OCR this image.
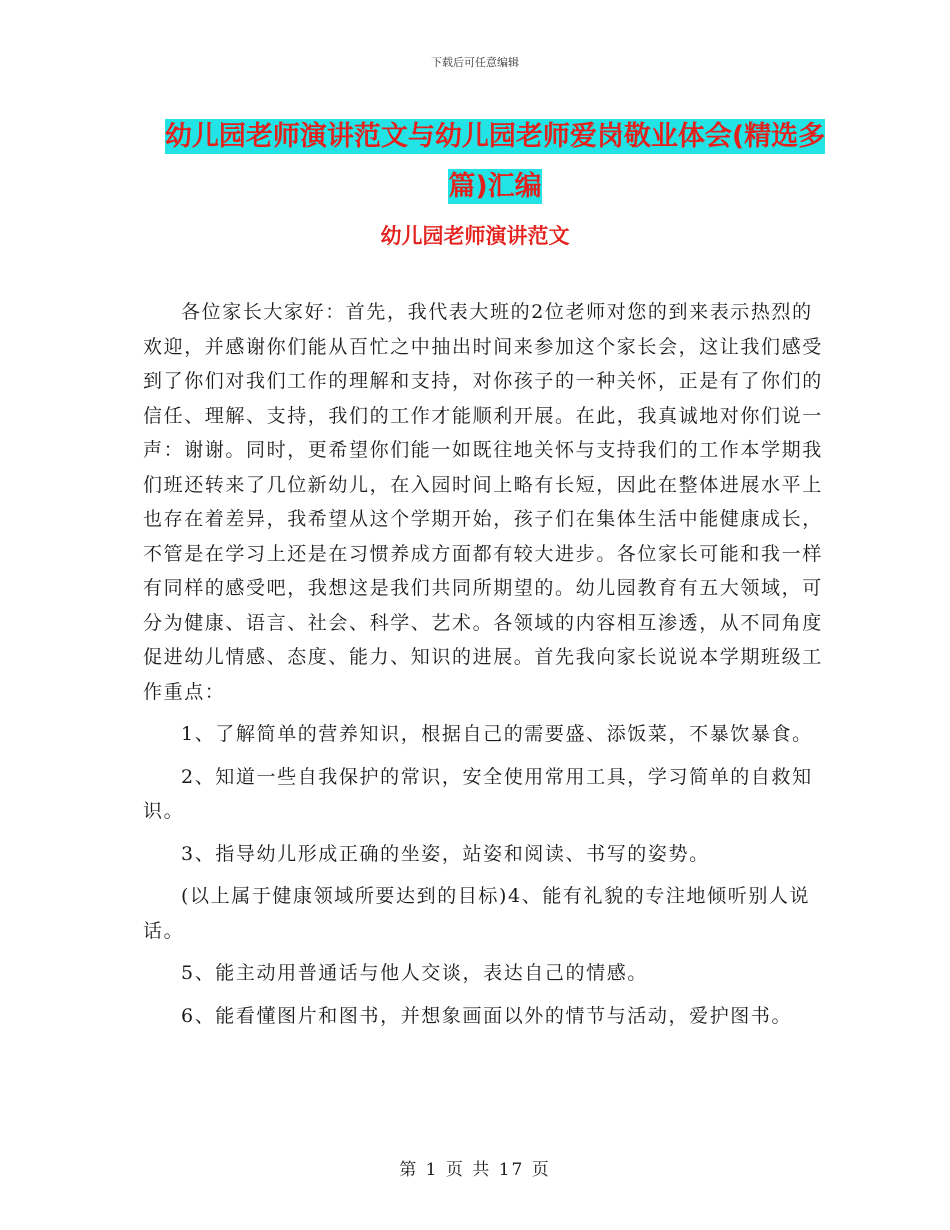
下载后可任意编辑
幼儿园老师演讲范文与幼儿园老师爱岗敬业体会(精选多篇)汇编
幼儿园老师演讲范文

各位家长大家好：首先，我代表大班的2位老师对您的到来表示热烈的欢迎，并感谢你们能从百忙之中抽出时间来参加这个家长会，这让我们感受到了你们对我们工作的理解和支持，对你孩子的一种关怀，正是有了你们的信任、理解、支持，我们的工作才能顺利开展。在此，我真诚地对你们说一声：谢谢。同时，更希望你们能一如既往地关怀与支持我们的工作本学期我们班还转来了几位新幼儿，在入园时间上略有长短，因此在整体进展水平上也存在着差异，我希望从这个学期开始，孩子们在集体生活中能健康成长，不管是在学习上还是在习惯养成方面都有较大进步。各位家长可能和我一样有同样的感受吧，我想这是我们共同所期望的。幼儿园教育有五大领域，可分为健康、语言、社会、科学、艺术。各领域的内容相互渗透，从不同角度促进幼儿情感、态度、能力、知识的进展。首先我向家长说说本学期班级工作重点：

1、了解简单的营养知识，根据自己的需要盛、添饭菜，不暴饮暴食。

2、知道一些自我保护的常识，安全使用常用工具，学习简单的自救知识。

3、指导幼儿形成正确的坐姿，站姿和阅读、书写的姿势。

(以上属于健康领域所要达到的目标)4、能有礼貌的专注地倾听别人说话。

5、能主动用普通话与他人交谈，表达自己的情感。

6、能看懂图片和图书，并想象画面以外的情节与活动，爱护图书。

第 1 页 共 17 页
